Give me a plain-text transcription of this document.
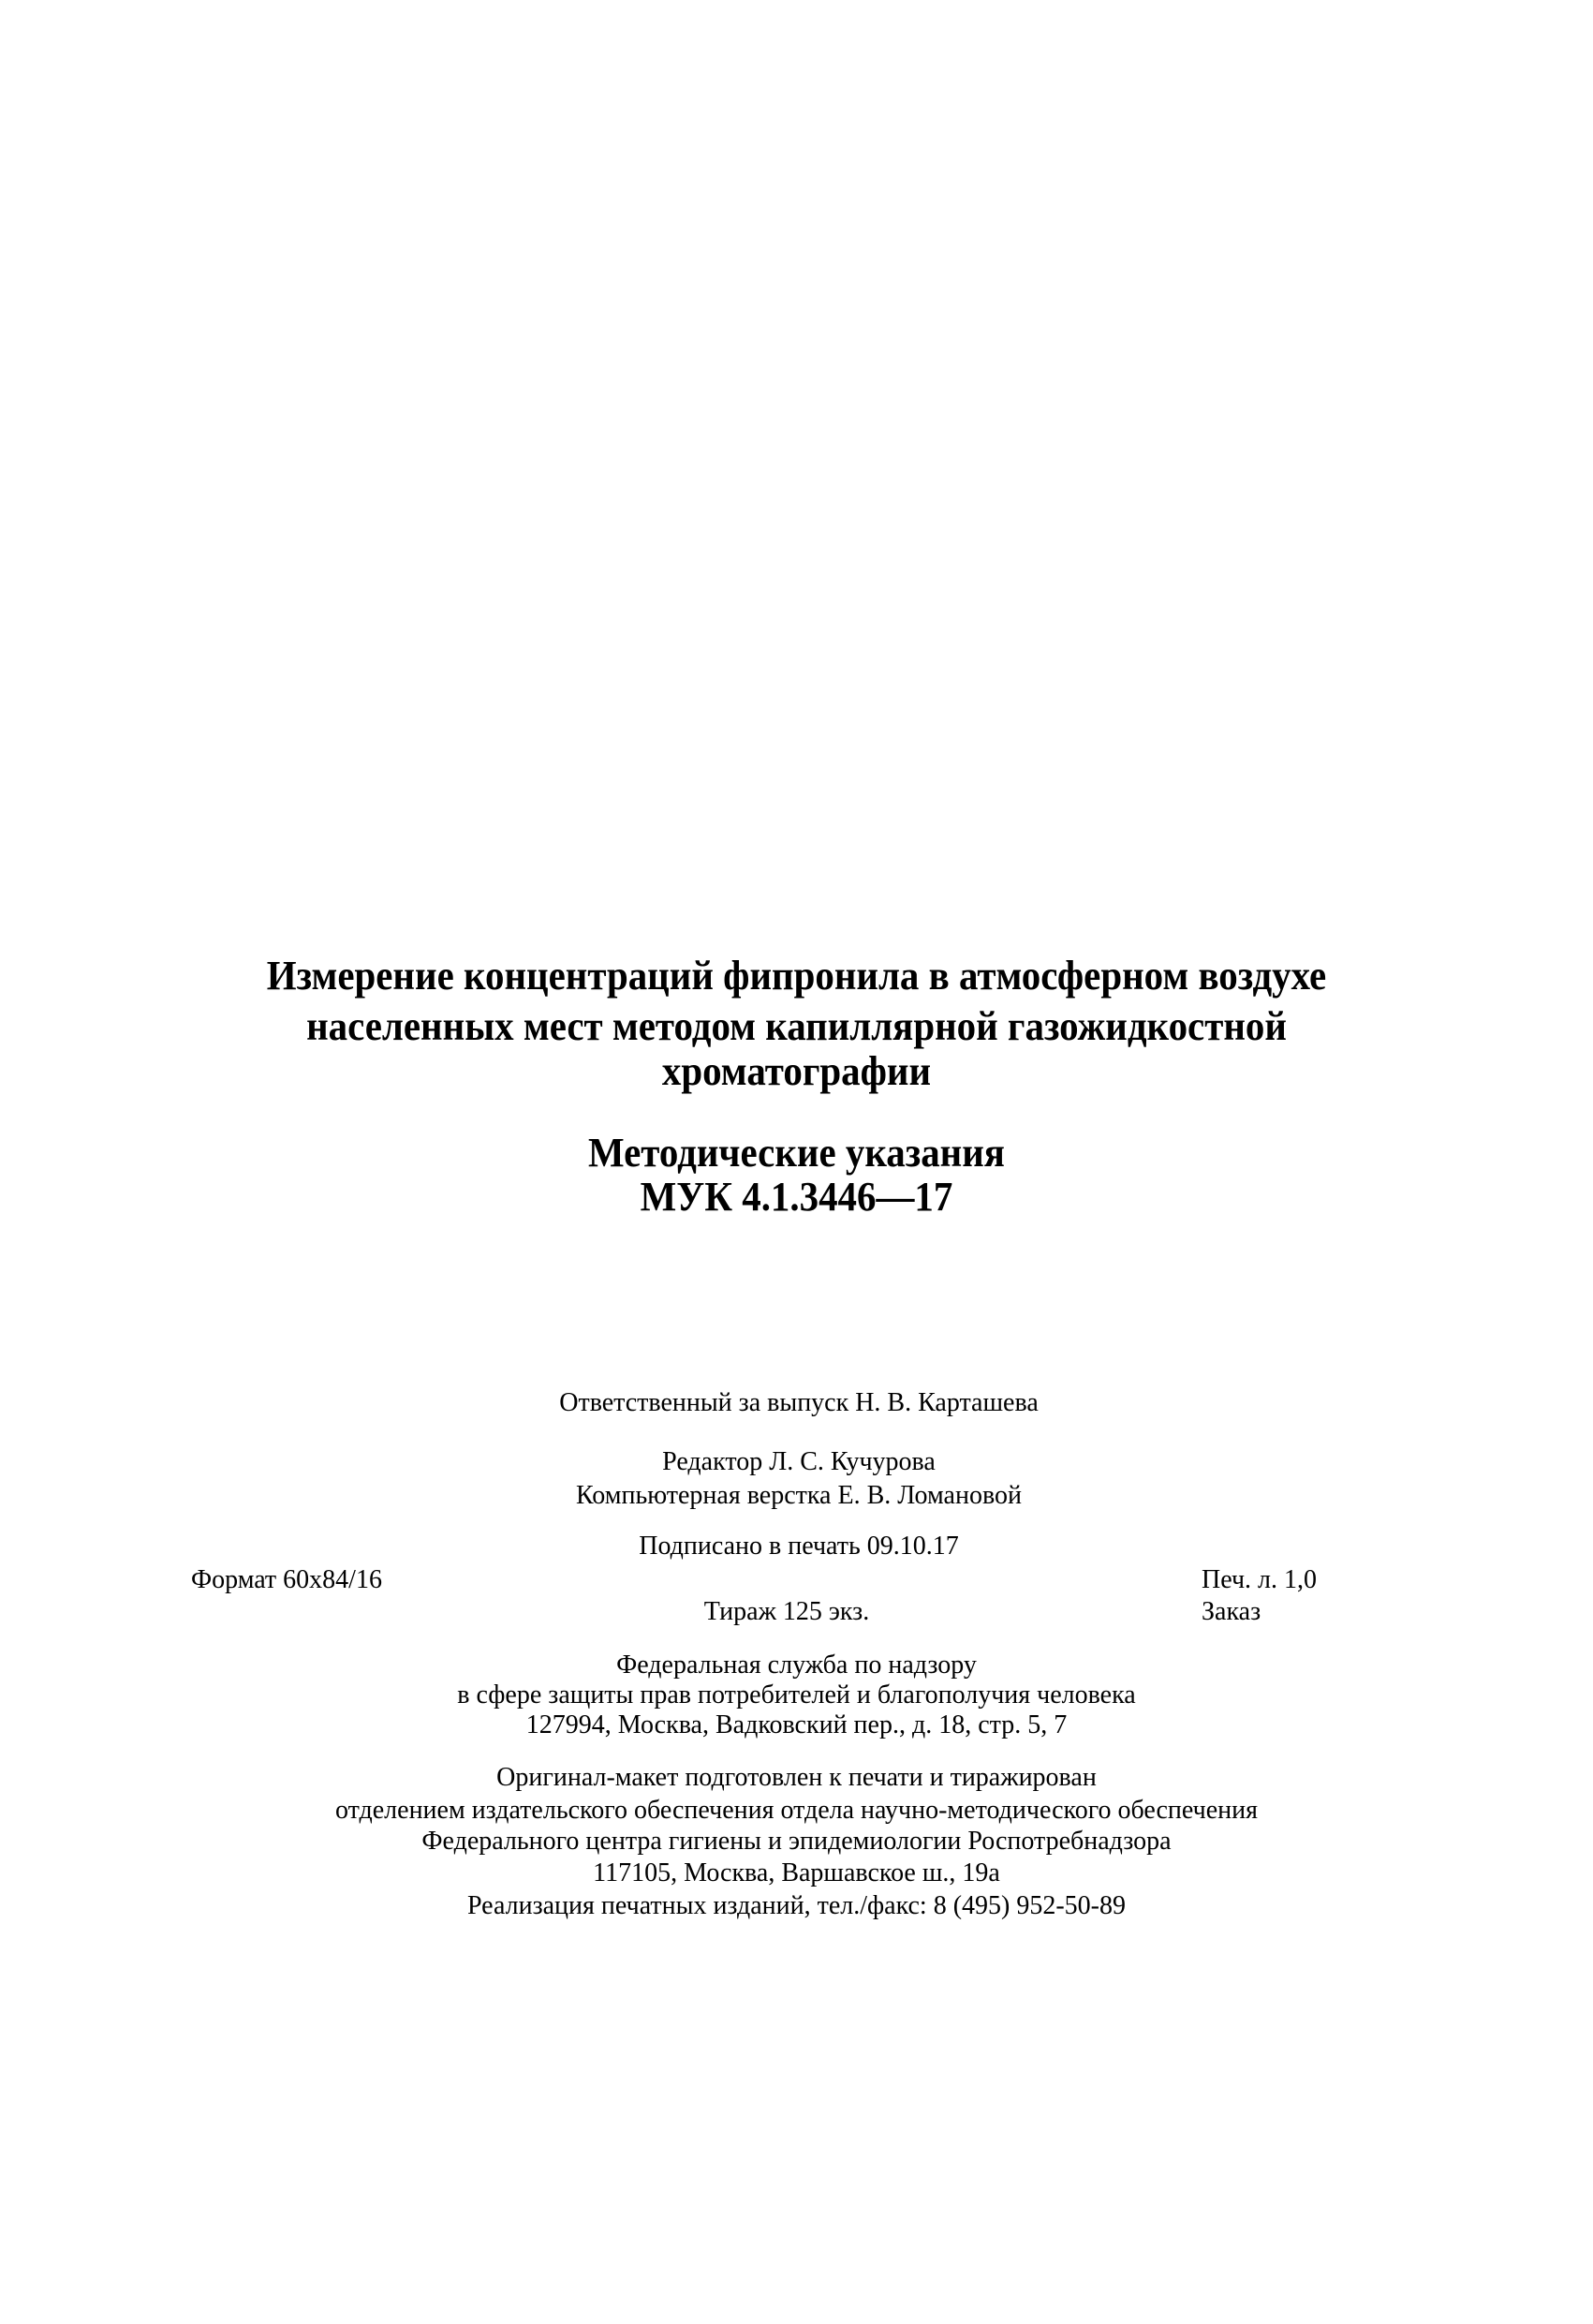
Измерение концентраций фипронила в атмосферном воздухе
населенных мест методом капиллярной газожидкостной
хроматографии
Методические указания
МУК 4.1.3446—17
Ответственный за выпуск Н. В. Карташева
Редактор Л. С. Кучурова
Компьютерная верстка Е. В. Ломановой
Подписано в печать 09.10.17
Формат 60x84/16	Печ. л. 1,0
Тираж 125 экз.	Заказ
Федеральная служба по надзору
в сфере защиты прав потребителей и благополучия человека
127994, Москва, Вадковский пер., д. 18, стр. 5, 7
Оригинал-макет подготовлен к печати и тиражирован
отделением издательского обеспечения отдела научно-методического обеспечения
Федерального центра гигиены и эпидемиологии Роспотребнадзора
117105, Москва, Варшавское ш., 19а
Реализация печатных изданий, тел./факс: 8 (495) 952-50-89
